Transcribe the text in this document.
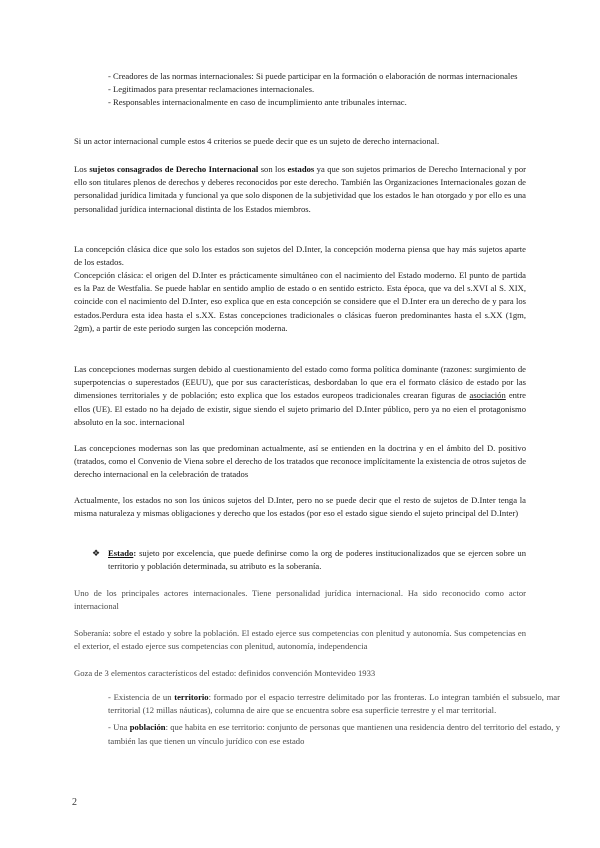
- Creadores de las normas internacionales: Si puede participar en la formación o elaboración de normas internacionales

- Legitimados para presentar reclamaciones internacionales.

- Responsables internacionalmente en caso de incumplimiento ante tribunales internac.

Si un actor internacional cumple estos 4 criterios se puede decir que es un sujeto de derecho internacional.

Los sujetos consagrados de Derecho Internacional son los estados ya que son sujetos primarios de Derecho Internacional y por ello son titulares plenos de derechos y deberes reconocidos por este derecho. También las Organizaciones Internacionales gozan de personalidad jurídica limitada y funcional ya que solo disponen de la subjetividad que los estados le han otorgado y por ello es una personalidad jurídica internacional distinta de los Estados miembros.

La concepción clásica dice que solo los estados son sujetos del D.Inter, la concepción moderna piensa que hay más sujetos aparte de los estados.

Concepción clásica: el origen del D.Inter es prácticamente simultáneo con el nacimiento del Estado moderno. El punto de partida es la Paz de Westfalia. Se puede hablar en sentido amplio de estado o en sentido estricto. Esta época, que va del s.XVI al S. XIX, coincide con el nacimiento del D.Inter, eso explica que en esta concepción se considere que el D.Inter era un derecho de y para los estados.Perdura esta idea hasta el s.XX. Estas concepciones tradicionales o clásicas fueron predominantes hasta el s.XX (1gm, 2gm), a partir de este periodo surgen las concepción moderna.

Las concepciones modernas surgen debido al cuestionamiento del estado como forma política dominante (razones: surgimiento de superpotencias o superestados (EEUU), que por sus características, desbordaban lo que era el formato clásico de estado por las dimensiones territoriales y de población; esto explica que los estados europeos tradicionales crearan figuras de asociación entre ellos (UE). El estado no ha dejado de existir, sigue siendo el sujeto primario del D.Inter público, pero ya no eien el protagonismo absoluto en la soc. internacional

Las concepciones modernas son las que predominan actualmente, así se entienden en la doctrina y en el ámbito del D. positivo (tratados, como el Convenio de Viena sobre el derecho de los tratados que reconoce implícitamente la existencia de otros sujetos de derecho internacional en la celebración de tratados

Actualmente, los estados no son los únicos sujetos del D.Inter, pero no se puede decir que el resto de sujetos de D.Inter tenga la misma naturaleza y mismas obligaciones y derecho que los estados (por eso el estado sigue siendo el sujeto principal del D.Inter)

❖ Estado: sujeto por excelencia, que puede definirse como la org de poderes institucionalizados que se ejercen sobre un territorio y población determinada, su atributo es la soberanía.

Uno de los principales actores internacionales. Tiene personalidad jurídica internacional. Ha sido reconocido como actor internacional

Soberanía: sobre el estado y sobre la población. El estado ejerce sus competencias con plenitud y autonomía. Sus competencias en el exterior, el estado ejerce sus competencias con plenitud, autonomía, independencia

Goza de 3 elementos característicos del estado: definidos convención Montevideo 1933

- Existencia de un territorio: formado por el espacio terrestre delimitado por las fronteras. Lo integran también el subsuelo, mar territorial (12 millas náuticas), columna de aire que se encuentra sobre esa superficie terrestre y el mar territorial.

- Una población: que habita en ese territorio: conjunto de personas que mantienen una residencia dentro del territorio del estado, y también las que tienen un vínculo jurídico con ese estado

2
